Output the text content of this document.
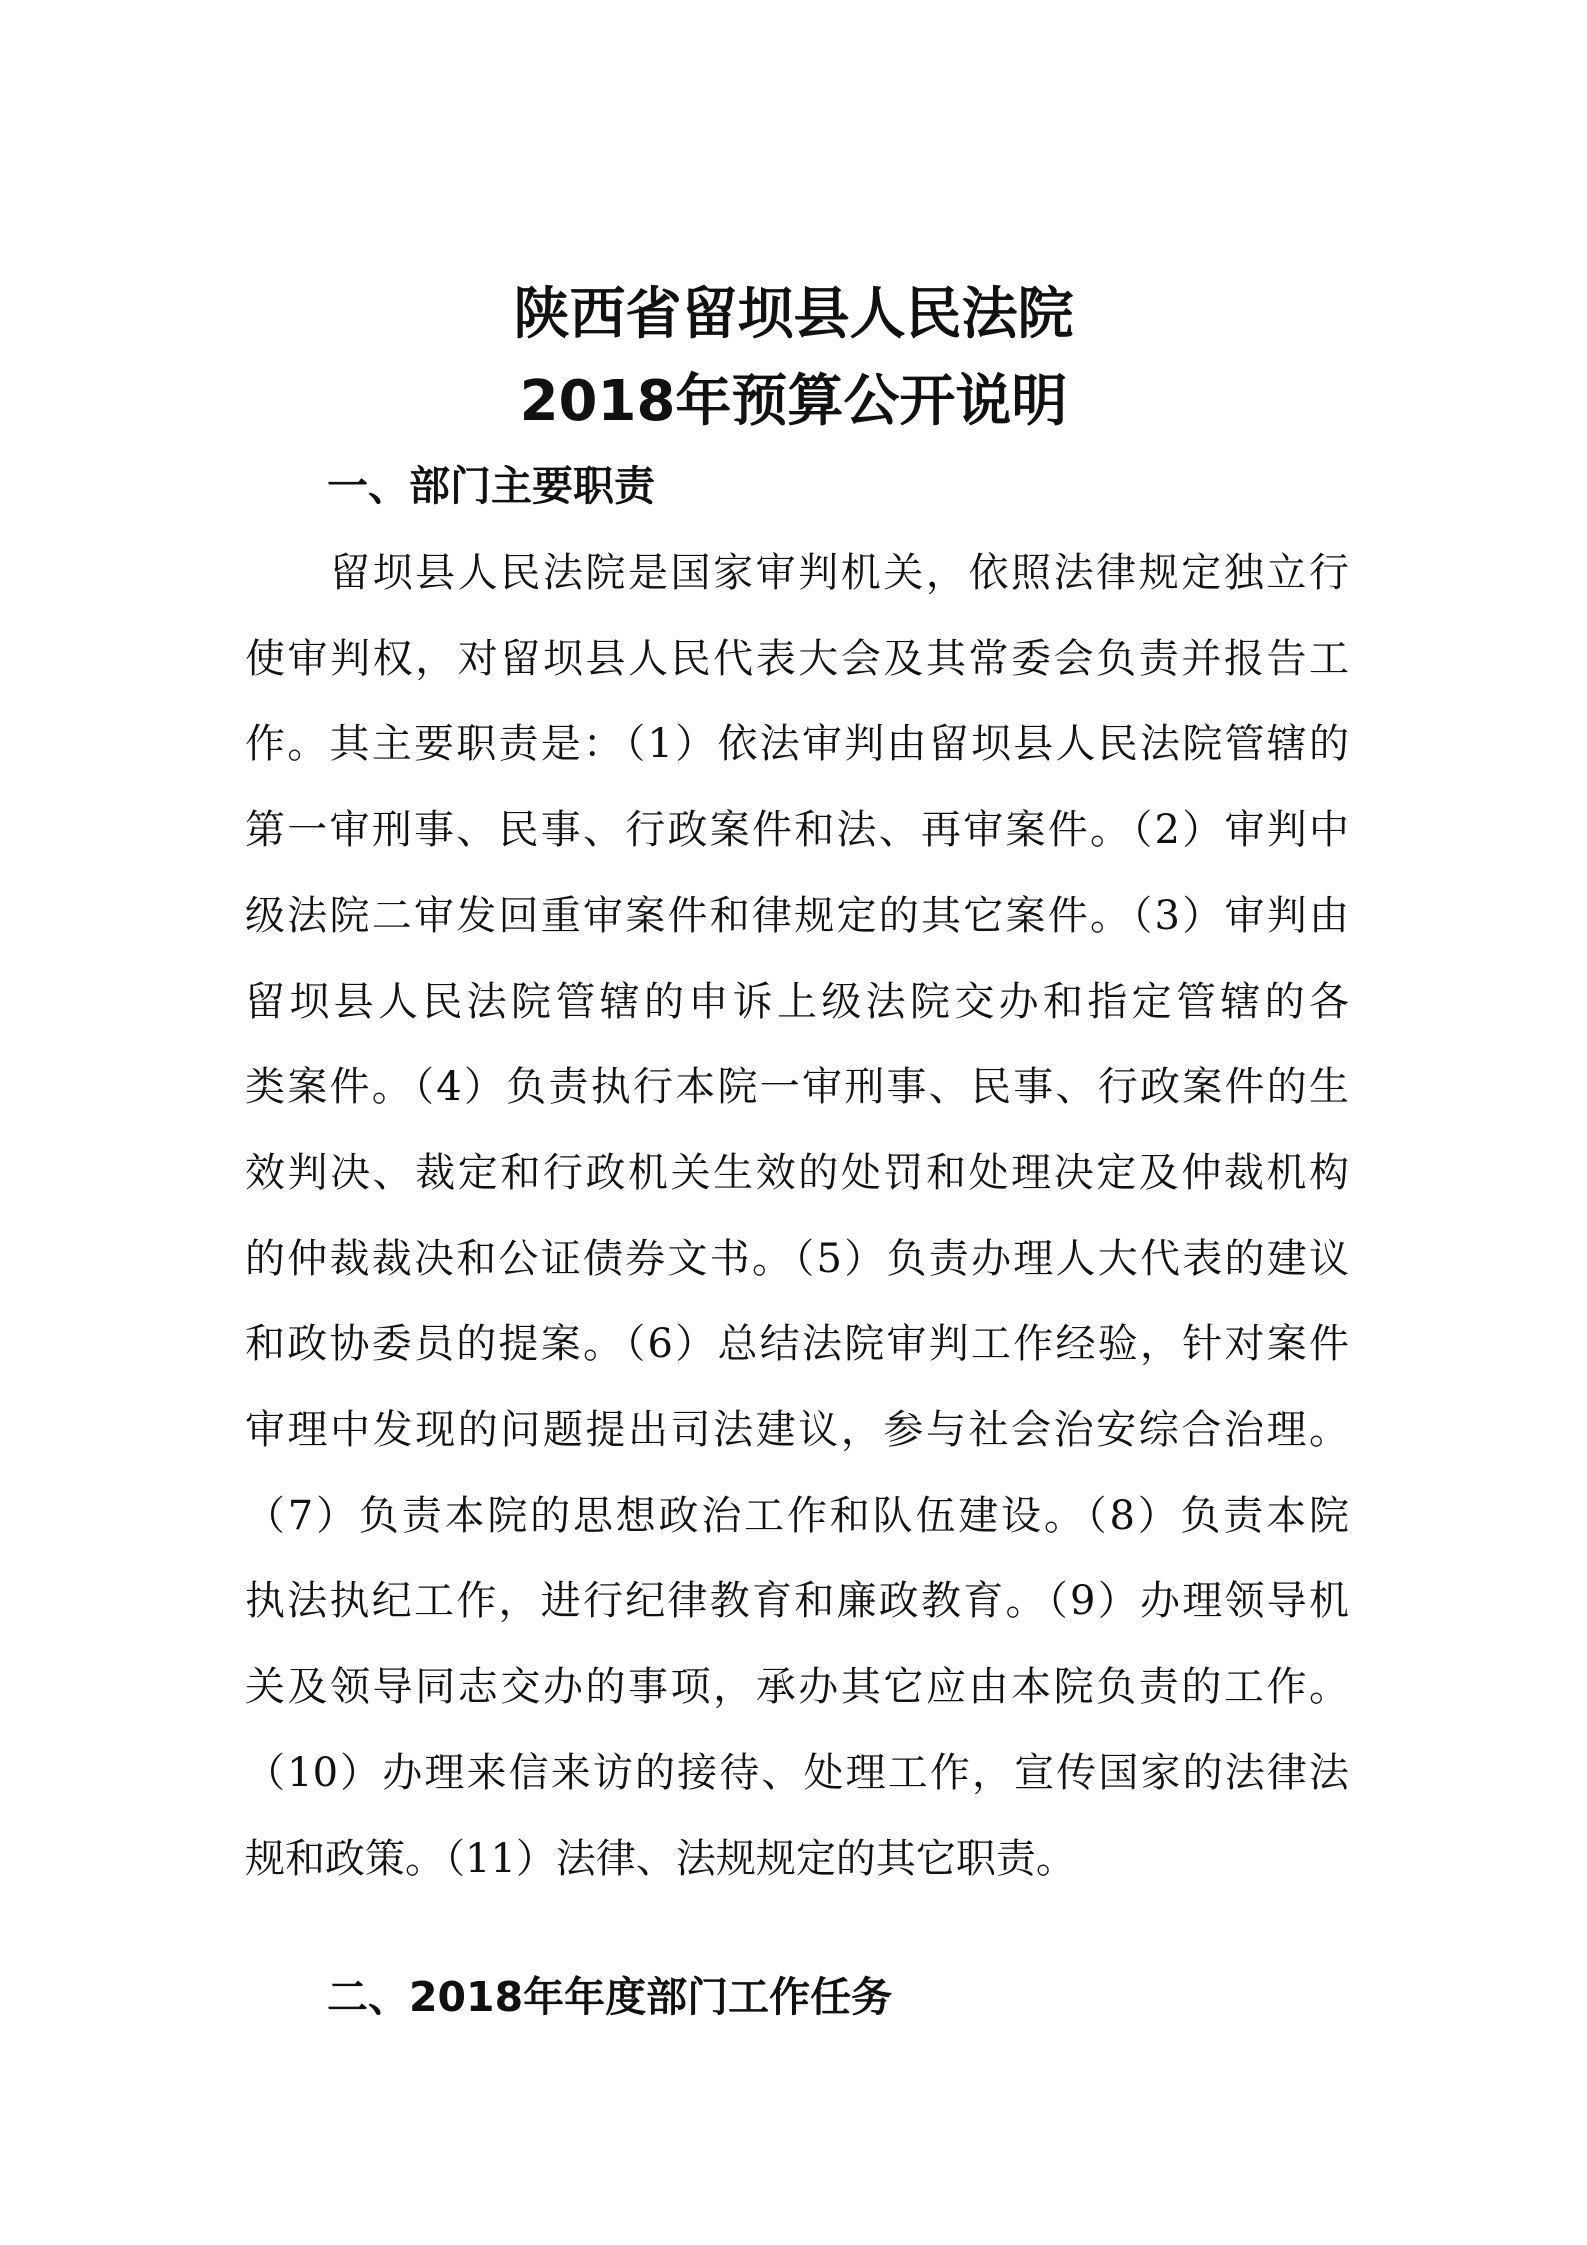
陕西省留坝县人民法院
2018年预算公开说明
一、部门主要职责
留坝县人民法院是国家审判机关，依照法律规定独立行
使审判权，对留坝县人民代表大会及其常委会负责并报告工
作。其主要职责是：（1）依法审判由留坝县人民法院管辖的
第一审刑事、民事、行政案件和法、再审案件。（2）审判中
级法院二审发回重审案件和律规定的其它案件。（3）审判由
留坝县人民法院管辖的申诉上级法院交办和指定管辖的各
类案件。（4）负责执行本院一审刑事、民事、行政案件的生
效判决、裁定和行政机关生效的处罚和处理决定及仲裁机构
的仲裁裁决和公证债券文书。（5）负责办理人大代表的建议
和政协委员的提案。（6）总结法院审判工作经验，针对案件
审理中发现的问题提出司法建议，参与社会治安综合治理。
（7）负责本院的思想政治工作和队伍建设。（8）负责本院
执法执纪工作，进行纪律教育和廉政教育。（9）办理领导机
关及领导同志交办的事项，承办其它应由本院负责的工作。
（10）办理来信来访的接待、处理工作，宣传国家的法律法
规和政策。（11）法律、法规规定的其它职责。
二、2018年年度部门工作任务
